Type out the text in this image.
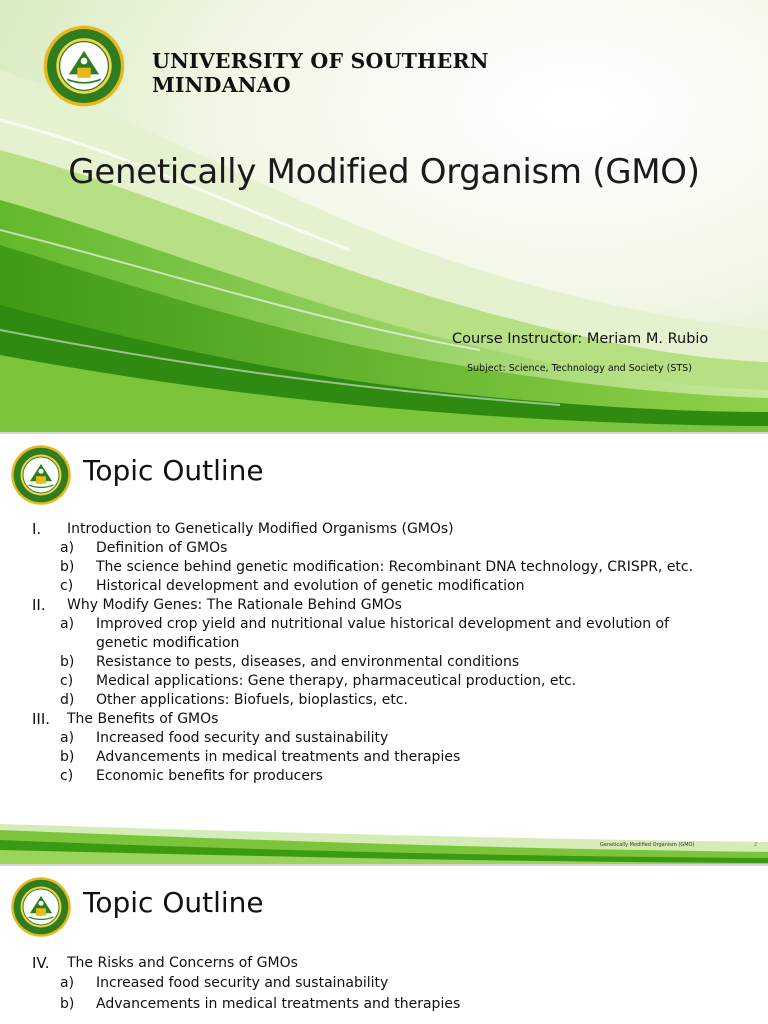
UNIVERSITY OF SOUTHERN
MINDANAO
Genetically Modified Organism (GMO)
Course Instructor: Meriam M. Rubio
Subject: Science, Technology and Society (STS)
Topic Outline
I. Introduction to Genetically Modified Organisms (GMOs)
a) Definition of GMOs
b) The science behind genetic modification: Recombinant DNA technology, CRISPR, etc.
c) Historical development and evolution of genetic modification
II. Why Modify Genes: The Rationale Behind GMOs
a) Improved crop yield and nutritional value historical development and evolution of genetic modification
b) Resistance to pests, diseases, and environmental conditions
c) Medical applications: Gene therapy, pharmaceutical production, etc.
d) Other applications: Biofuels, bioplastics, etc.
III. The Benefits of GMOs
a) Increased food security and sustainability
b) Advancements in medical treatments and therapies
c) Economic benefits for producers
Genetically Modified Organism (GMO)	2
Topic Outline
IV. The Risks and Concerns of GMOs
a) Increased food security and sustainability
b) Advancements in medical treatments and therapies
